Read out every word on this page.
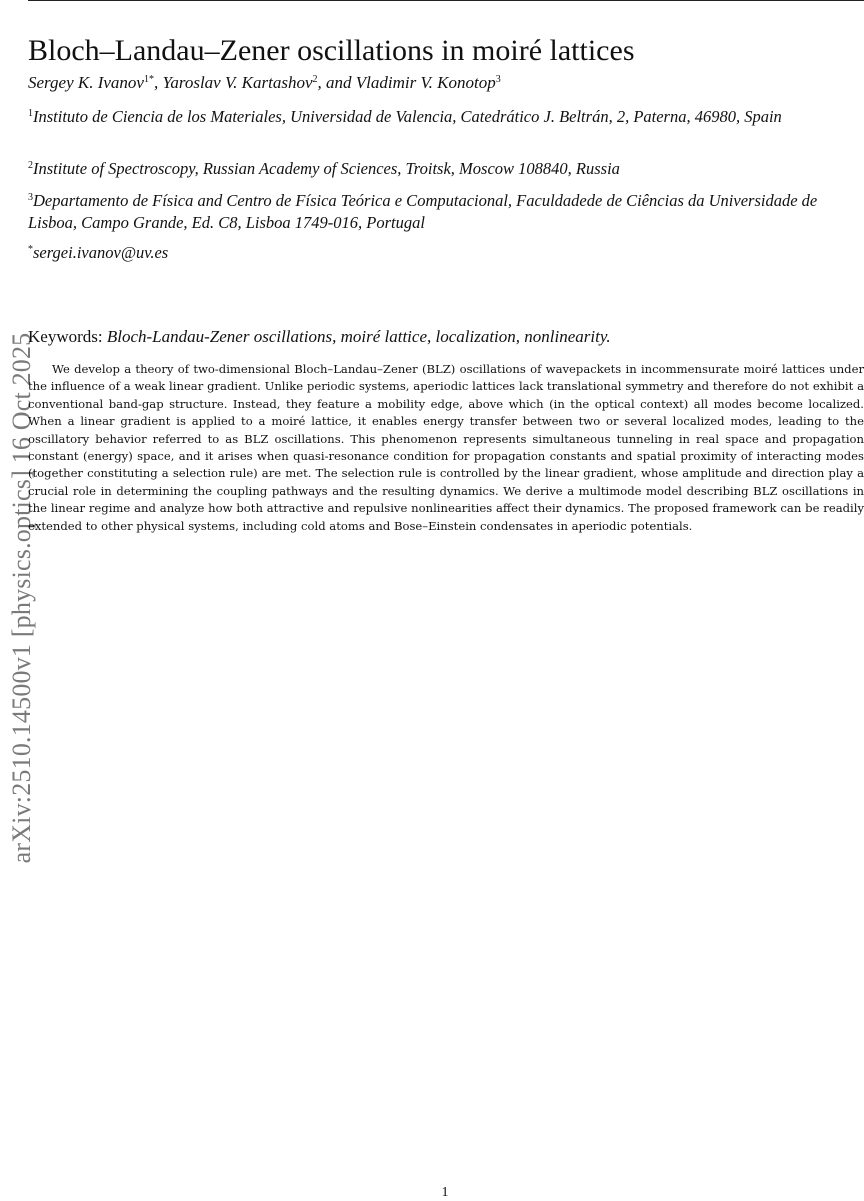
arXiv:2510.14500v1 [physics.optics] 16 Oct 2025
Bloch–Landau–Zener oscillations in moiré lattices
Sergey K. Ivanov$^{1*}$, Yaroslav V. Kartashov$^2$, and Vladimir V. Konotop$^3$
$^1$Instituto de Ciencia de los Materiales, Universidad de Valencia, Catedrático J. Beltrán, 2, Paterna, 46980, Spain
$^2$Institute of Spectroscopy, Russian Academy of Sciences, Troitsk, Moscow 108840, Russia
$^3$Departamento de Física and Centro de Física Teórica e Computacional, Faculdadede de Ciências da Universidade de Lisboa, Campo Grande, Ed. C8, Lisboa 1749-016, Portugal
*sergei.ivanov@uv.es
Keywords: Bloch-Landau-Zener oscillations, moiré lattice, localization, nonlinearity.

We develop a theory of two-dimensional Bloch–Landau–Zener (BLZ) oscillations of wavepackets in incommensurate moiré lattices under the influence of a weak linear gradient. Unlike periodic systems, aperiodic lattices lack translational symmetry and therefore do not exhibit a conventional band-gap structure. Instead, they feature a mobility edge, above which (in the optical context) all modes become localized. When a linear gradient is applied to a moiré lattice, it enables energy transfer between two or several localized modes, leading to the oscillatory behavior referred to as BLZ oscillations. This phenomenon represents simultaneous tunneling in real space and propagation constant (energy) space, and it arises when quasi-resonance condition for propagation constants and spatial proximity of interacting modes (together constituting a selection rule) are met. The selection rule is controlled by the linear gradient, whose amplitude and direction play a crucial role in determining the coupling pathways and the resulting dynamics. We derive a multimode model describing BLZ oscillations in the linear regime and analyze how both attractive and repulsive nonlinearities affect their dynamics. The proposed framework can be readily extended to other physical systems, including cold atoms and Bose–Einstein condensates in aperiodic potentials.

1
